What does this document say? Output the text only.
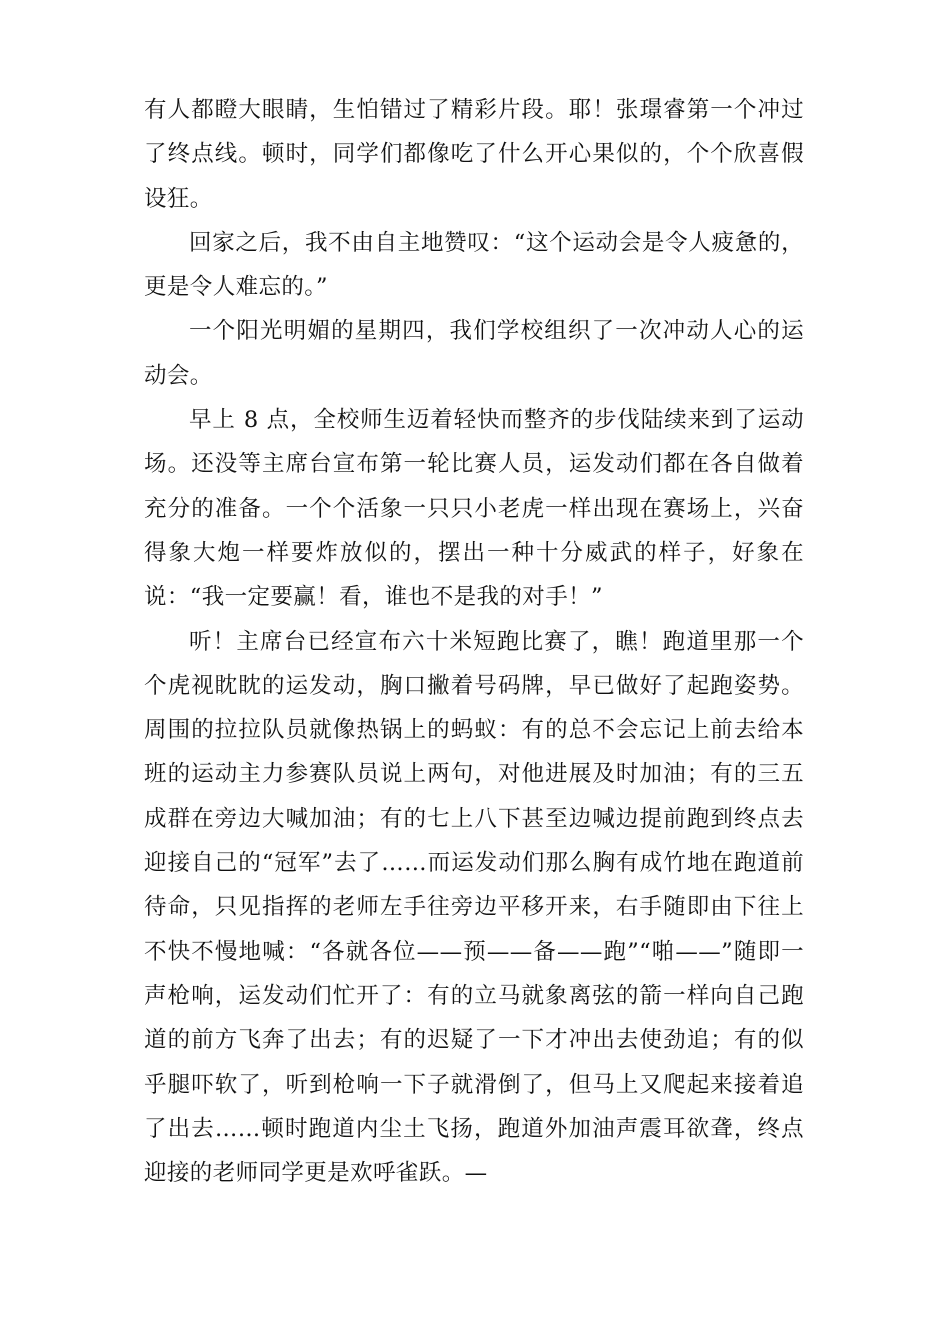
有人都瞪大眼睛，生怕错过了精彩片段。耶！张璟睿第一个冲过了终点线。顿时，同学们都像吃了什么开心果似的，个个欣喜假设狂。

回家之后，我不由自主地赞叹：“这个运动会是令人疲惫的，更是令人难忘的。”

一个阳光明媚的星期四，我们学校组织了一次冲动人心的运动会。

早上 8 点，全校师生迈着轻快而整齐的步伐陆续来到了运动场。还没等主席台宣布第一轮比赛人员，运发动们都在各自做着充分的准备。一个个活象一只只小老虎一样出现在赛场上，兴奋得象大炮一样要炸放似的，摆出一种十分威武的样子，好象在说：“我一定要赢！看，谁也不是我的对手！”

听！主席台已经宣布六十米短跑比赛了，瞧！跑道里那一个个虎视眈眈的运发动，胸口撇着号码牌，早已做好了起跑姿势。周围的拉拉队员就像热锅上的蚂蚁：有的总不会忘记上前去给本班的运动主力参赛队员说上两句，对他进展及时加油；有的三五成群在旁边大喊加油；有的七上八下甚至边喊边提前跑到终点去迎接自己的“冠军”去了……而运发动们那么胸有成竹地在跑道前待命，只见指挥的老师左手往旁边平移开来，右手随即由下往上不快不慢地喊：“各就各位——预——备——跑”“啪——”随即一声枪响，运发动们忙开了：有的立马就象离弦的箭一样向自己跑道的前方飞奔了出去；有的迟疑了一下才冲出去使劲追；有的似乎腿吓软了，听到枪响一下子就滑倒了，但马上又爬起来接着追了出去……顿时跑道内尘土飞扬，跑道外加油声震耳欲聋，终点迎接的老师同学更是欢呼雀跃。—
